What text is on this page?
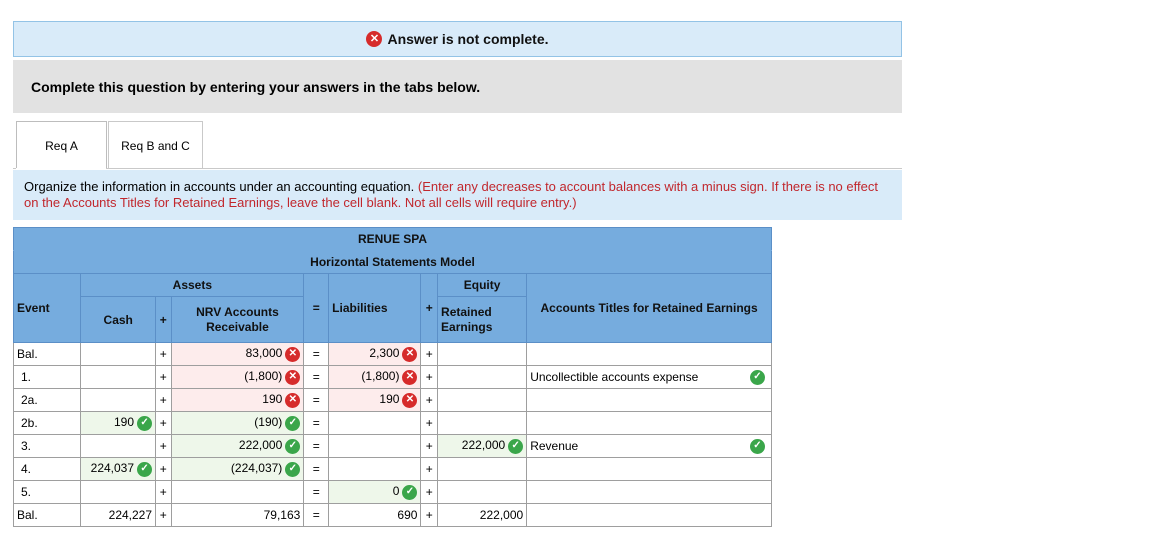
✕ Answer is not complete.
Complete this question by entering your answers in the tabs below.
Req A	Req B and C
Organize the information in accounts under an accounting equation. (Enter any decreases to account balances with a minus sign. If there is no effect on the Accounts Titles for Retained Earnings, leave the cell blank. Not all cells will require entry.)
RENUE SPA								
Horizontal Statements Model								
Event	Assets			=	Liabilities	+	Equity	Accounts Titles for Retained Earnings
	Cash	+	NRV Accounts Receivable				Retained Earnings	
Bal.		+	83,000 ✕	=	2,300 ✕	+		

1.		+	(1,800) ✕	=	(1,800) ✕	+		Uncollectible accounts expense ✓

2a.		+	190 ✕	=	190 ✕	+		

2b.	190 ✓	+	(190) ✓	=		+		

3.		+	222,000 ✓	=		+	222,000 ✓	Revenue ✓

4.	224,037 ✓	+	(224,037) ✓	=		+		

5.		+		=	0 ✓	+		

Bal.	224,227	+	79,163	=	690	+	222,000	
